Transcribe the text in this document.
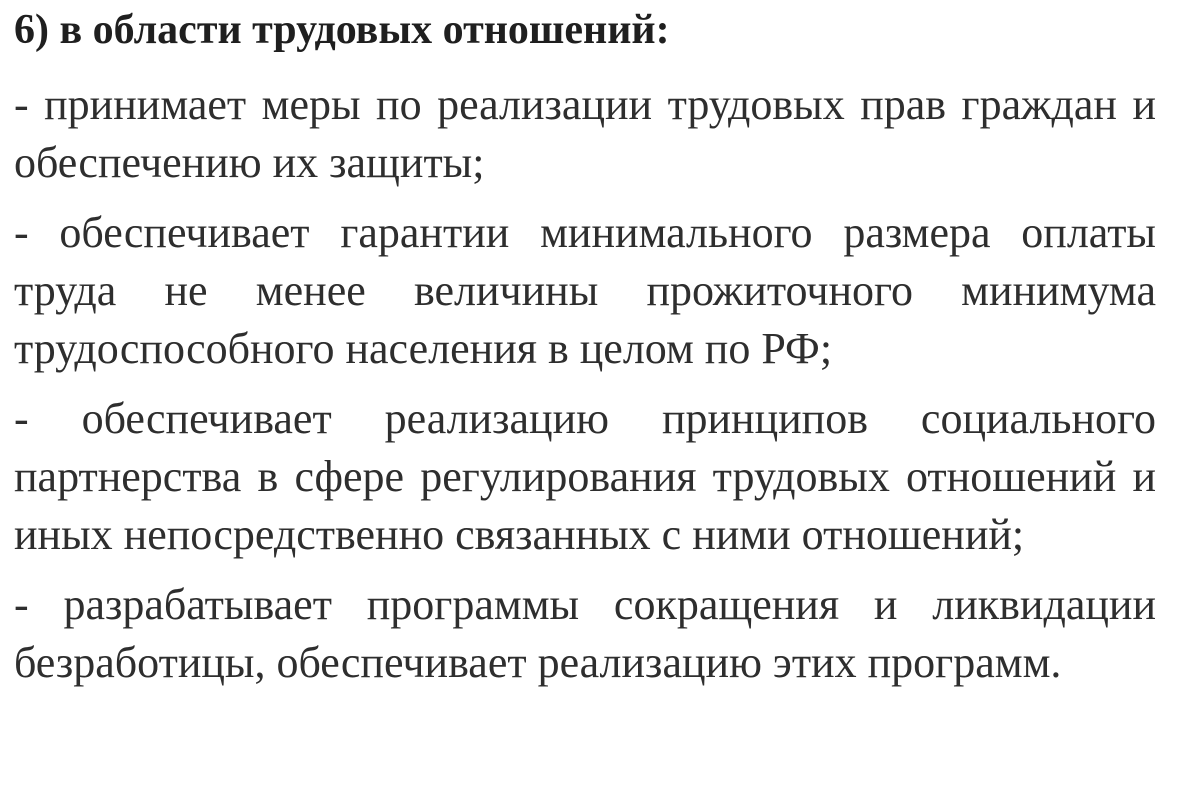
6) в области трудовых отношений:
- принимает меры по реализации трудовых прав граждан и обеспечению их защиты;
- обеспечивает гарантии минимального размера оплаты труда не менее величины прожиточного минимума трудоспособного населения в целом по РФ;
- обеспечивает реализацию принципов социального партнерства в сфере регулирования трудовых отношений и иных непосредственно связанных с ними отношений;
- разрабатывает программы сокращения и ликвидации безработицы, обеспечивает реализацию этих программ.
